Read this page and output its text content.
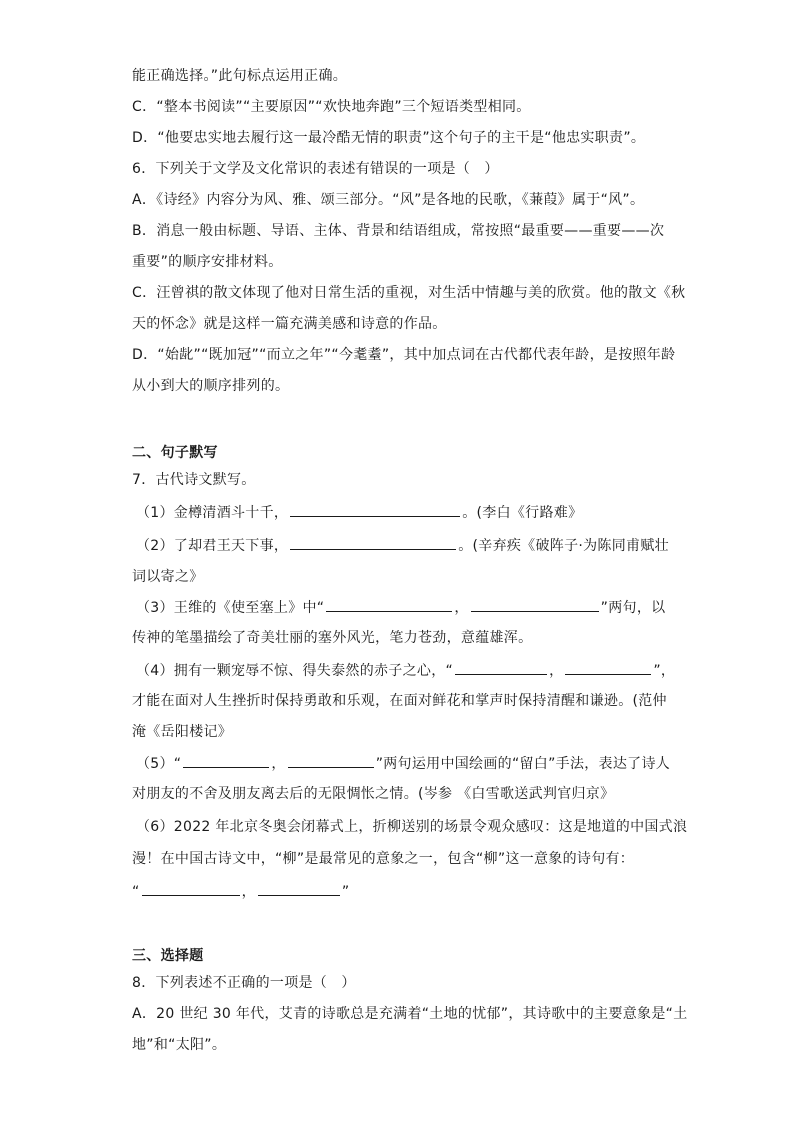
能正确选择。”此句标点运用正确。
C．“整本书阅读”“主要原因”“欢快地奔跑”三个短语类型相同。
D．“他要忠实地去履行这一最冷酷无情的职责”这个句子的主干是“他忠实职责”。
6．下列关于文学及文化常识的表述有错误的一项是（　）
A．《诗经》内容分为风、雅、颂三部分。“风”是各地的民歌，《蒹葭》属于“风”。
B．消息一般由标题、导语、主体、背景和结语组成，常按照“最重要——重要——次
重要”的顺序安排材料。
C．汪曾祺的散文体现了他对日常生活的重视，对生活中情趣与美的欣赏。他的散文《秋
天的怀念》就是这样一篇充满美感和诗意的作品。
D．“始龀”“既加冠”“而立之年”“今耄耋”，其中加点词在古代都代表年龄，是按照年龄
从小到大的顺序排列的。
二、句子默写
7．古代诗文默写。
（1）金樽清酒斗十千，	。(李白《行路难》
（2）了却君王天下事，	。(辛弃疾《破阵子·为陈同甫赋壮
词以寄之》
（3）王维的《使至塞上》中“	，	”两句，以
传神的笔墨描绘了奇美壮丽的塞外风光，笔力苍劲，意蕴雄浑。
（4）拥有一颗宠辱不惊、得失泰然的赤子之心，“	，	”，
才能在面对人生挫折时保持勇敢和乐观，在面对鲜花和掌声时保持清醒和谦逊。(范仲
淹《岳阳楼记》
（5）“	，	”两句运用中国绘画的“留白”手法，表达了诗人
对朋友的不舍及朋友离去后的无限惆怅之情。(岑参 《白雪歌送武判官归京》
（6）2022 年北京冬奥会闭幕式上，折柳送别的场景令观众感叹：这是地道的中国式浪
漫！在中国古诗文中，“柳”是最常见的意象之一，包含“柳”这一意象的诗句有：
“	，	”
三、选择题
8．下列表述不正确的一项是（　）
A．20 世纪 30 年代，艾青的诗歌总是充满着“土地的忧郁”，其诗歌中的主要意象是“土
地”和“太阳”。
